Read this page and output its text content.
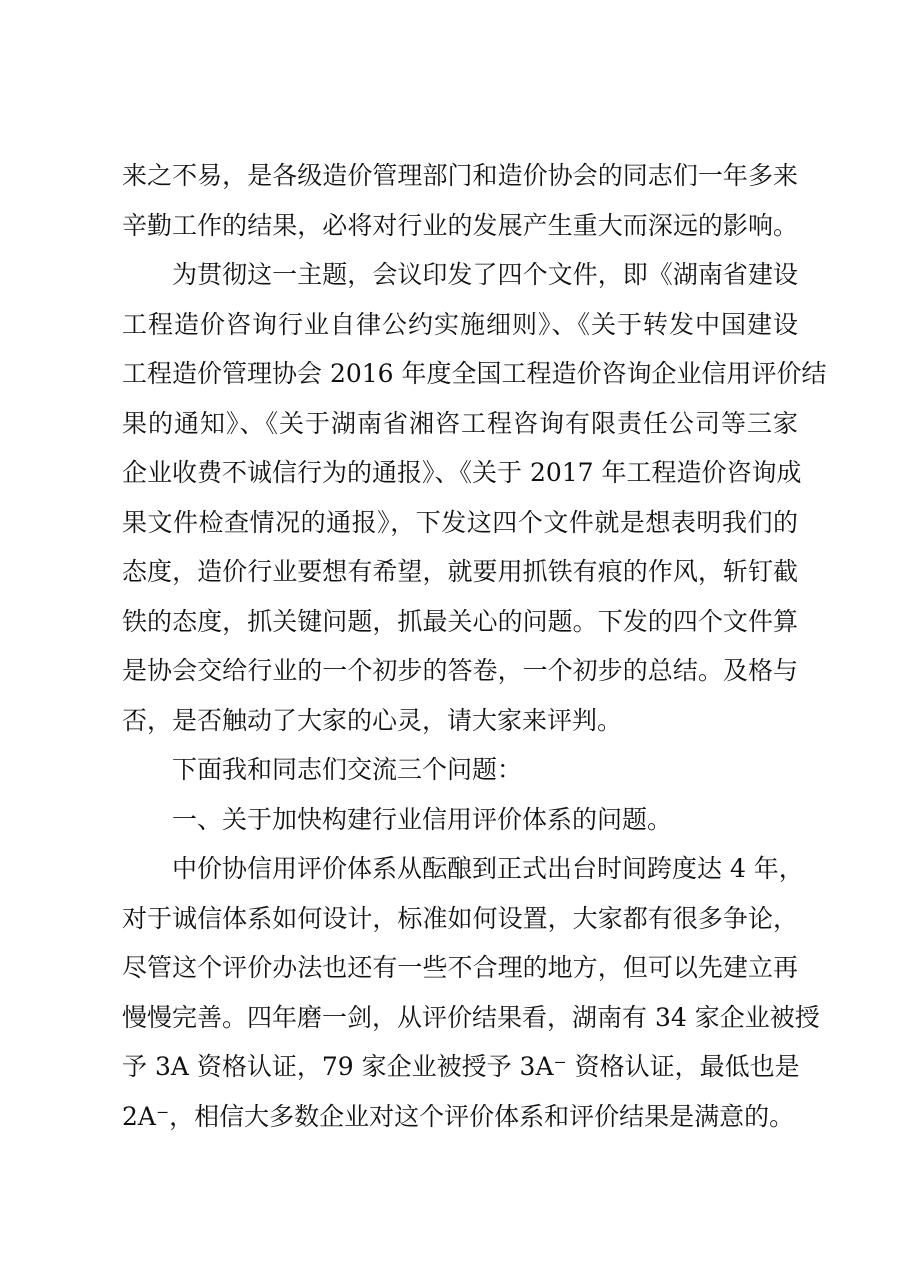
来之不易，是各级造价管理部门和造价协会的同志们一年多来
辛勤工作的结果，必将对行业的发展产生重大而深远的影响。
为贯彻这一主题，会议印发了四个文件，即《湖南省建设
工程造价咨询行业自律公约实施细则》、《关于转发中国建设
工程造价管理协会 2016 年度全国工程造价咨询企业信用评价结
果的通知》、《关于湖南省湘咨工程咨询有限责任公司等三家
企业收费不诚信行为的通报》、《关于 2017 年工程造价咨询成
果文件检查情况的通报》，下发这四个文件就是想表明我们的
态度，造价行业要想有希望，就要用抓铁有痕的作风，斩钉截
铁的态度，抓关键问题，抓最关心的问题。下发的四个文件算
是协会交给行业的一个初步的答卷，一个初步的总结。及格与
否，是否触动了大家的心灵，请大家来评判。
下面我和同志们交流三个问题：
一、关于加快构建行业信用评价体系的问题。
中价协信用评价体系从酝酿到正式出台时间跨度达 4 年，
对于诚信体系如何设计，标准如何设置，大家都有很多争论，
尽管这个评价办法也还有一些不合理的地方，但可以先建立再
慢慢完善。四年磨一剑，从评价结果看，湖南有 34 家企业被授
予 3A 资格认证，79 家企业被授予 3A⁻ 资格认证，最低也是
2A⁻，相信大多数企业对这个评价体系和评价结果是满意的。
